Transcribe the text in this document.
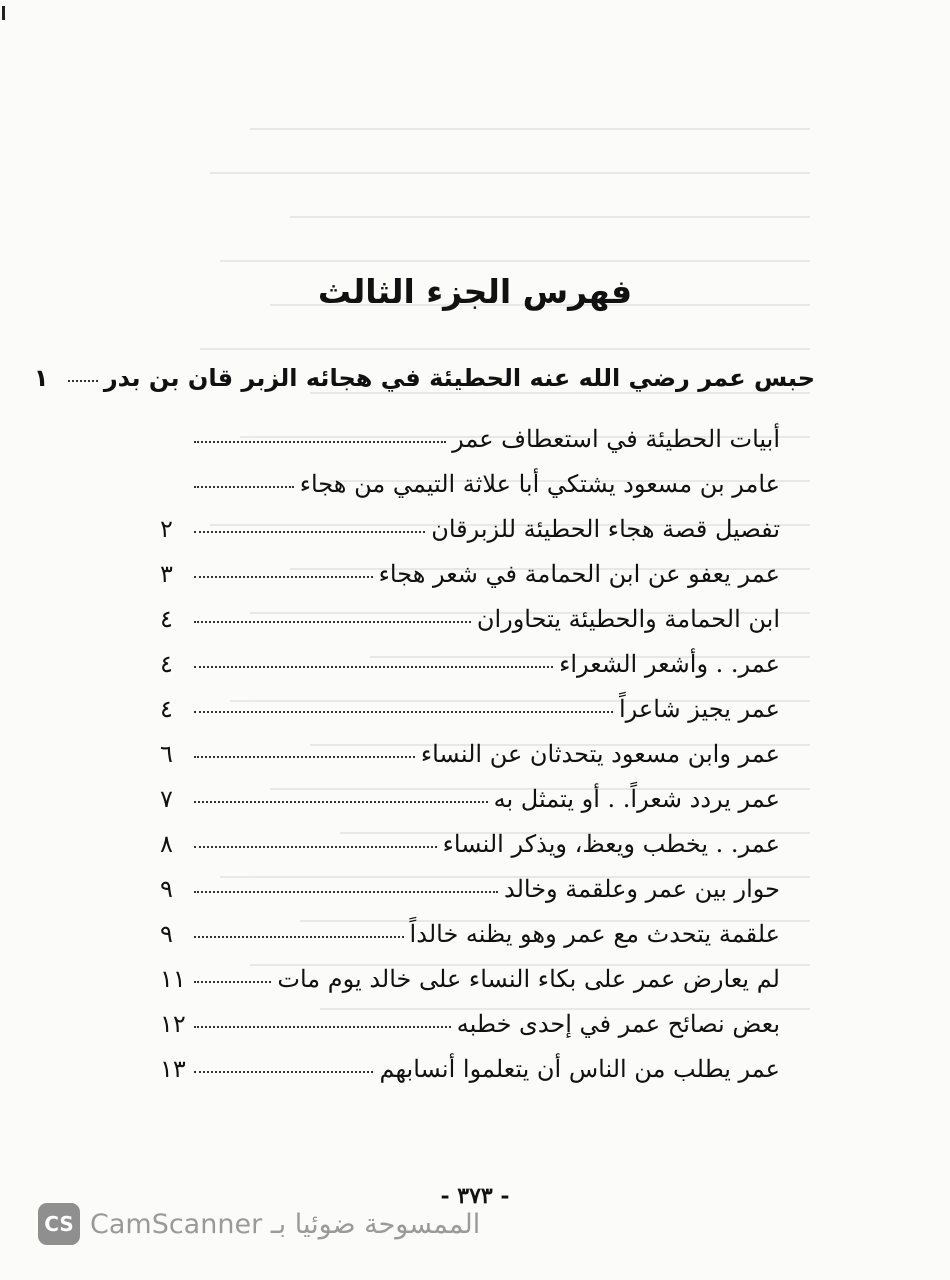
فهرس الجزء الثالث
حبس عمر رضي الله عنه الحطيئة في هجائه الزبر قان بن بدر
١
أبيات الحطيئة في استعطاف عمر
عامر بن مسعود يشتكي أبا علاثة التيمي من هجاء
تفصيل قصة هجاء الحطيئة للزبرقان
٢
عمر يعفو عن ابن الحمامة في شعر هجاء
٣
ابن الحمامة والحطيئة يتحاوران
٤
عمر. . وأشعر الشعراء
٤
عمر يجيز شاعراً
٤
عمر وابن مسعود يتحدثان عن النساء
٦
عمر يردد شعراً. . أو يتمثل به
٧
عمر. . يخطب ويعظ، ويذكر النساء
٨
حوار بين عمر وعلقمة وخالد
٩
علقمة يتحدث مع عمر وهو يظنه خالداً
٩
لم يعارض عمر على بكاء النساء على خالد يوم مات
١١
بعض نصائح عمر في إحدى خطبه
١٢
عمر يطلب من الناس أن يتعلموا أنسابهم
١٣
- ٣٧٣ -
CS الممسوحة ضوئيا بـ CamScanner
